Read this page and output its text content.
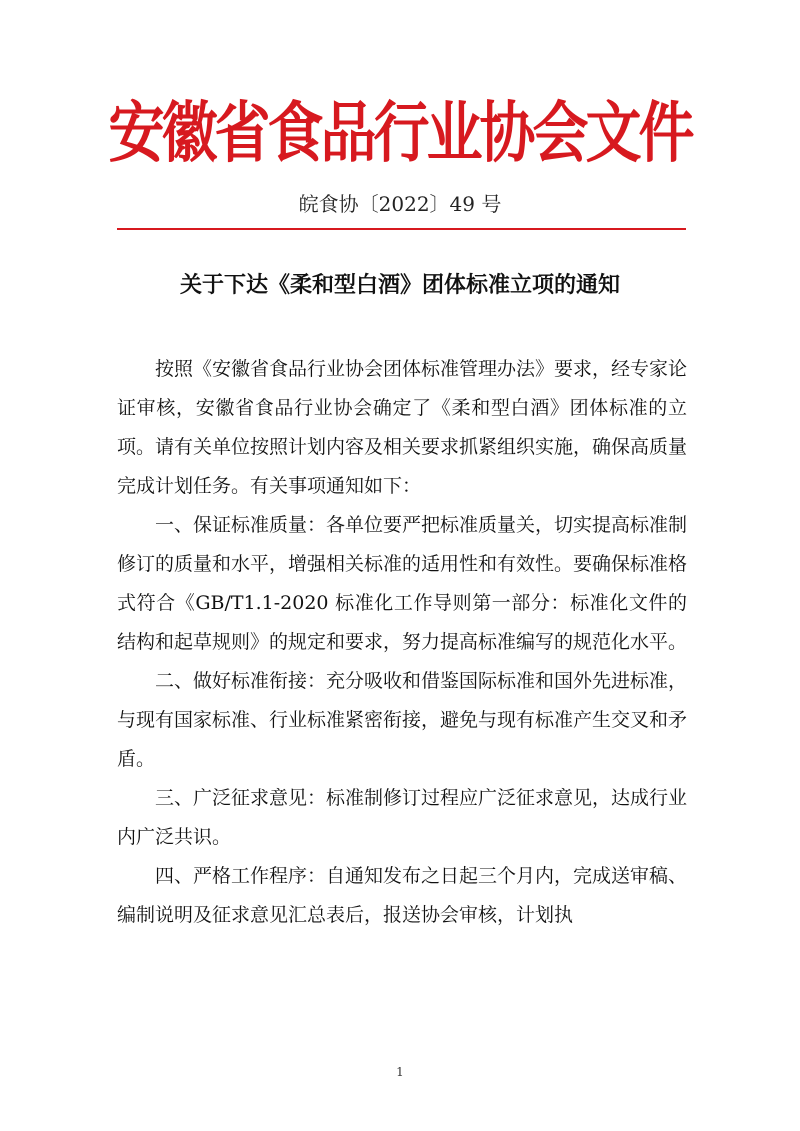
安徽省食品行业协会文件
皖食协〔2022〕49 号
关于下达《柔和型白酒》团体标准立项的通知

按照《安徽省食品行业协会团体标准管理办法》要求，经专家论证审核，安徽省食品行业协会确定了《柔和型白酒》团体标准的立项。请有关单位按照计划内容及相关要求抓紧组织实施，确保高质量完成计划任务。有关事项通知如下：

一、保证标准质量：各单位要严把标准质量关，切实提高标准制修订的质量和水平，增强相关标准的适用性和有效性。要确保标准格式符合《GB/T1.1-2020 标准化工作导则第一部分：标准化文件的结构和起草规则》的规定和要求，努力提高标准编写的规范化水平。

二、做好标准衔接：充分吸收和借鉴国际标准和国外先进标准，与现有国家标准、行业标准紧密衔接，避免与现有标准产生交叉和矛盾。

三、广泛征求意见：标准制修订过程应广泛征求意见，达成行业内广泛共识。

四、严格工作程序：自通知发布之日起三个月内，完成送审稿、编制说明及征求意见汇总表后，报送协会审核，计划执

1
